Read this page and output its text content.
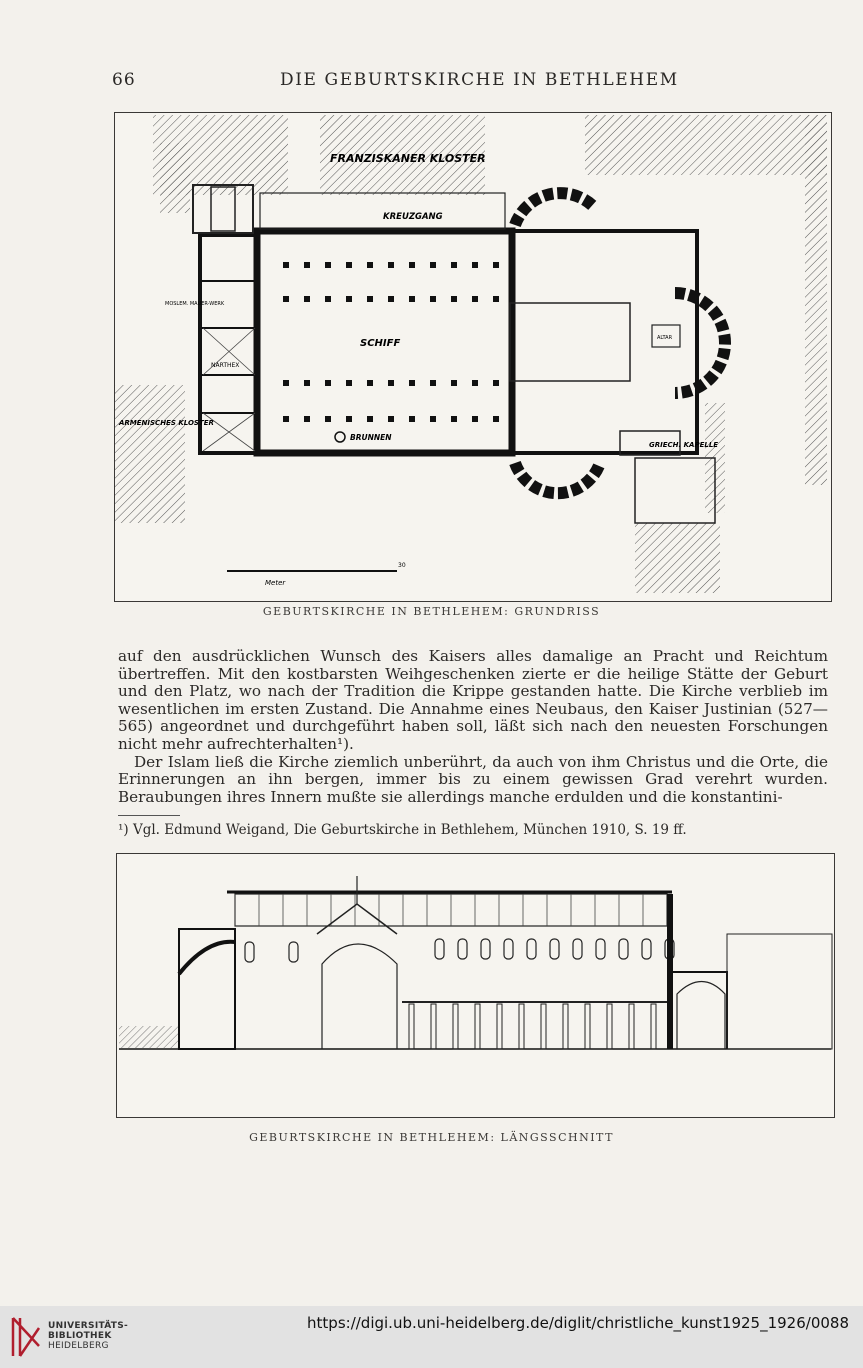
66	DIE GEBURTSKIRCHE IN BETHLEHEM
FRANZISKANER KLOSTER
KREUZGANG
SCHIFF
NARTHEX
MOSLEM. MAUER-WERK
ARMENISCHES KLOSTER
BRUNNEN
ALTAR
GRIECH. KAPELLE
Meter
30
GEBURTSKIRCHE IN BETHLEHEM: GRUNDRISS

auf den ausdrücklichen Wunsch des Kaisers alles damalige an Pracht und Reichtum übertreffen. Mit den kostbarsten Weihgeschenken zierte er die heilige Stätte der Geburt und den Platz, wo nach der Tradition die Krippe gestanden hatte. Die Kirche verblieb im wesentlichen im ersten Zustand. Die Annahme eines Neubaus, den Kaiser Justinian (527—565) angeordnet und durchgeführt haben soll, läßt sich nach den neuesten Forschungen nicht mehr aufrechterhalten¹).

Der Islam ließ die Kirche ziemlich unberührt, da auch von ihm Christus und die Orte, die Erinnerungen an ihn bergen, immer bis zu einem gewissen Grad verehrt wurden. Beraubungen ihres Innern mußte sie allerdings manche erdulden und die konstantini-

¹) Vgl. Edmund Weigand, Die Geburtskirche in Bethlehem, München 1910, S. 19 ff.
GEBURTSKIRCHE IN BETHLEHEM: LÄNGSSCHNITT
UNIVERSITÄTS-
BIBLIOTHEK
HEIDELBERG
https://digi.ub.uni-heidelberg.de/diglit/christliche_kunst1925_1926/0088
